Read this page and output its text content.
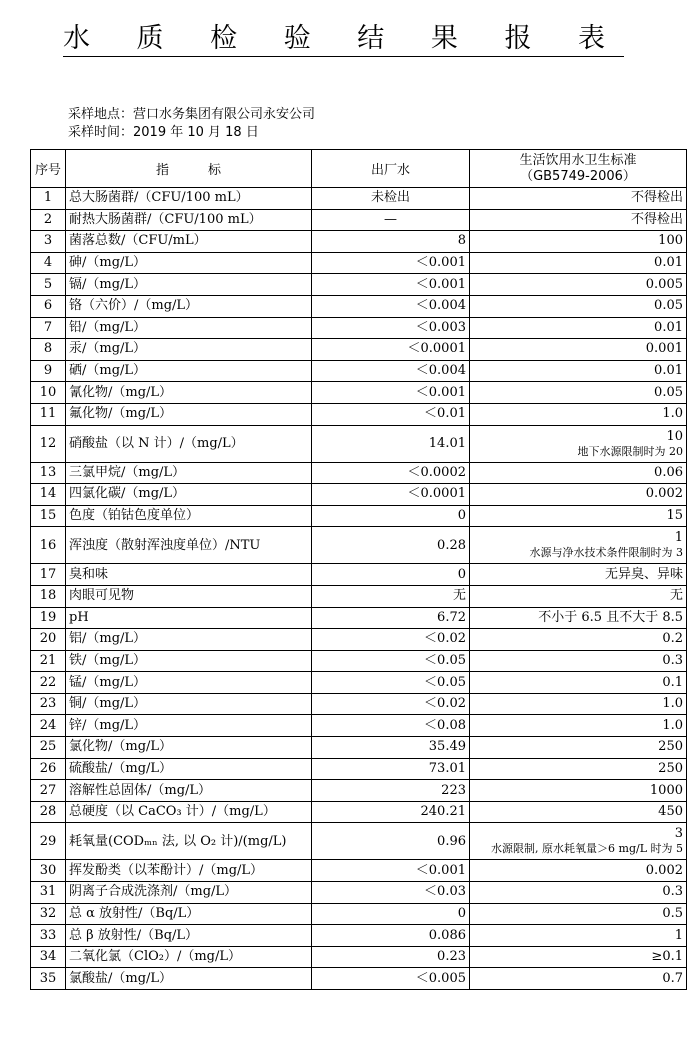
水 质 检 验 结 果 报 表
采样地点：营口水务集团有限公司永安公司
采样时间：2019 年 10 月 18 日
序号	指　　　标	出厂水	生活饮用水卫生标准
（GB5749-2006）

1	总大肠菌群/（CFU/100 mL）	未检出	不得检出
2	耐热大肠菌群/（CFU/100 mL）	—	不得检出
3	菌落总数/（CFU/mL）	8	100
4	砷/（mg/L）	＜0.001	0.01
5	镉/（mg/L）	＜0.001	0.005
6	铬（六价）/（mg/L）	＜0.004	0.05
7	铅/（mg/L）	＜0.003	0.01
8	汞/（mg/L）	＜0.0001	0.001
9	硒/（mg/L）	＜0.004	0.01
10	氰化物/（mg/L）	＜0.001	0.05
11	氟化物/（mg/L）	＜0.01	1.0
12	硝酸盐（以 N 计）/（mg/L）	14.01	10
地下水源限制时为 20

13	三氯甲烷/（mg/L）	＜0.0002	0.06
14	四氯化碳/（mg/L）	＜0.0001	0.002
15	色度（铂钴色度单位）	0	15
16	浑浊度（散射浑浊度单位）/NTU	0.28	1
水源与净水技术条件限制时为 3

17	臭和味	0	无异臭、异味
18	肉眼可见物	无	无
19	pH	6.72	不小于 6.5 且不大于 8.5
20	铝/（mg/L）	＜0.02	0.2
21	铁/（mg/L）	＜0.05	0.3
22	锰/（mg/L）	＜0.05	0.1
23	铜/（mg/L）	＜0.02	1.0
24	锌/（mg/L）	＜0.08	1.0
25	氯化物/（mg/L）	35.49	250
26	硫酸盐/（mg/L）	73.01	250
27	溶解性总固体/（mg/L）	223	1000
28	总硬度（以 CaCO₃ 计）/（mg/L）	240.21	450
29	耗氧量(CODₘₙ 法, 以 O₂ 计)/(mg/L)	0.96	3
水源限制, 原水耗氧量＞6 mg/L 时为 5

30	挥发酚类（以苯酚计）/（mg/L）	＜0.001	0.002
31	阴离子合成洗涤剂/（mg/L）	＜0.03	0.3
32	总 α 放射性/（Bq/L）	0	0.5
33	总 β 放射性/（Bq/L）	0.086	1
34	二氧化氯（ClO₂）/（mg/L）	0.23	≥0.1
35	氯酸盐/（mg/L）	＜0.005	0.7
